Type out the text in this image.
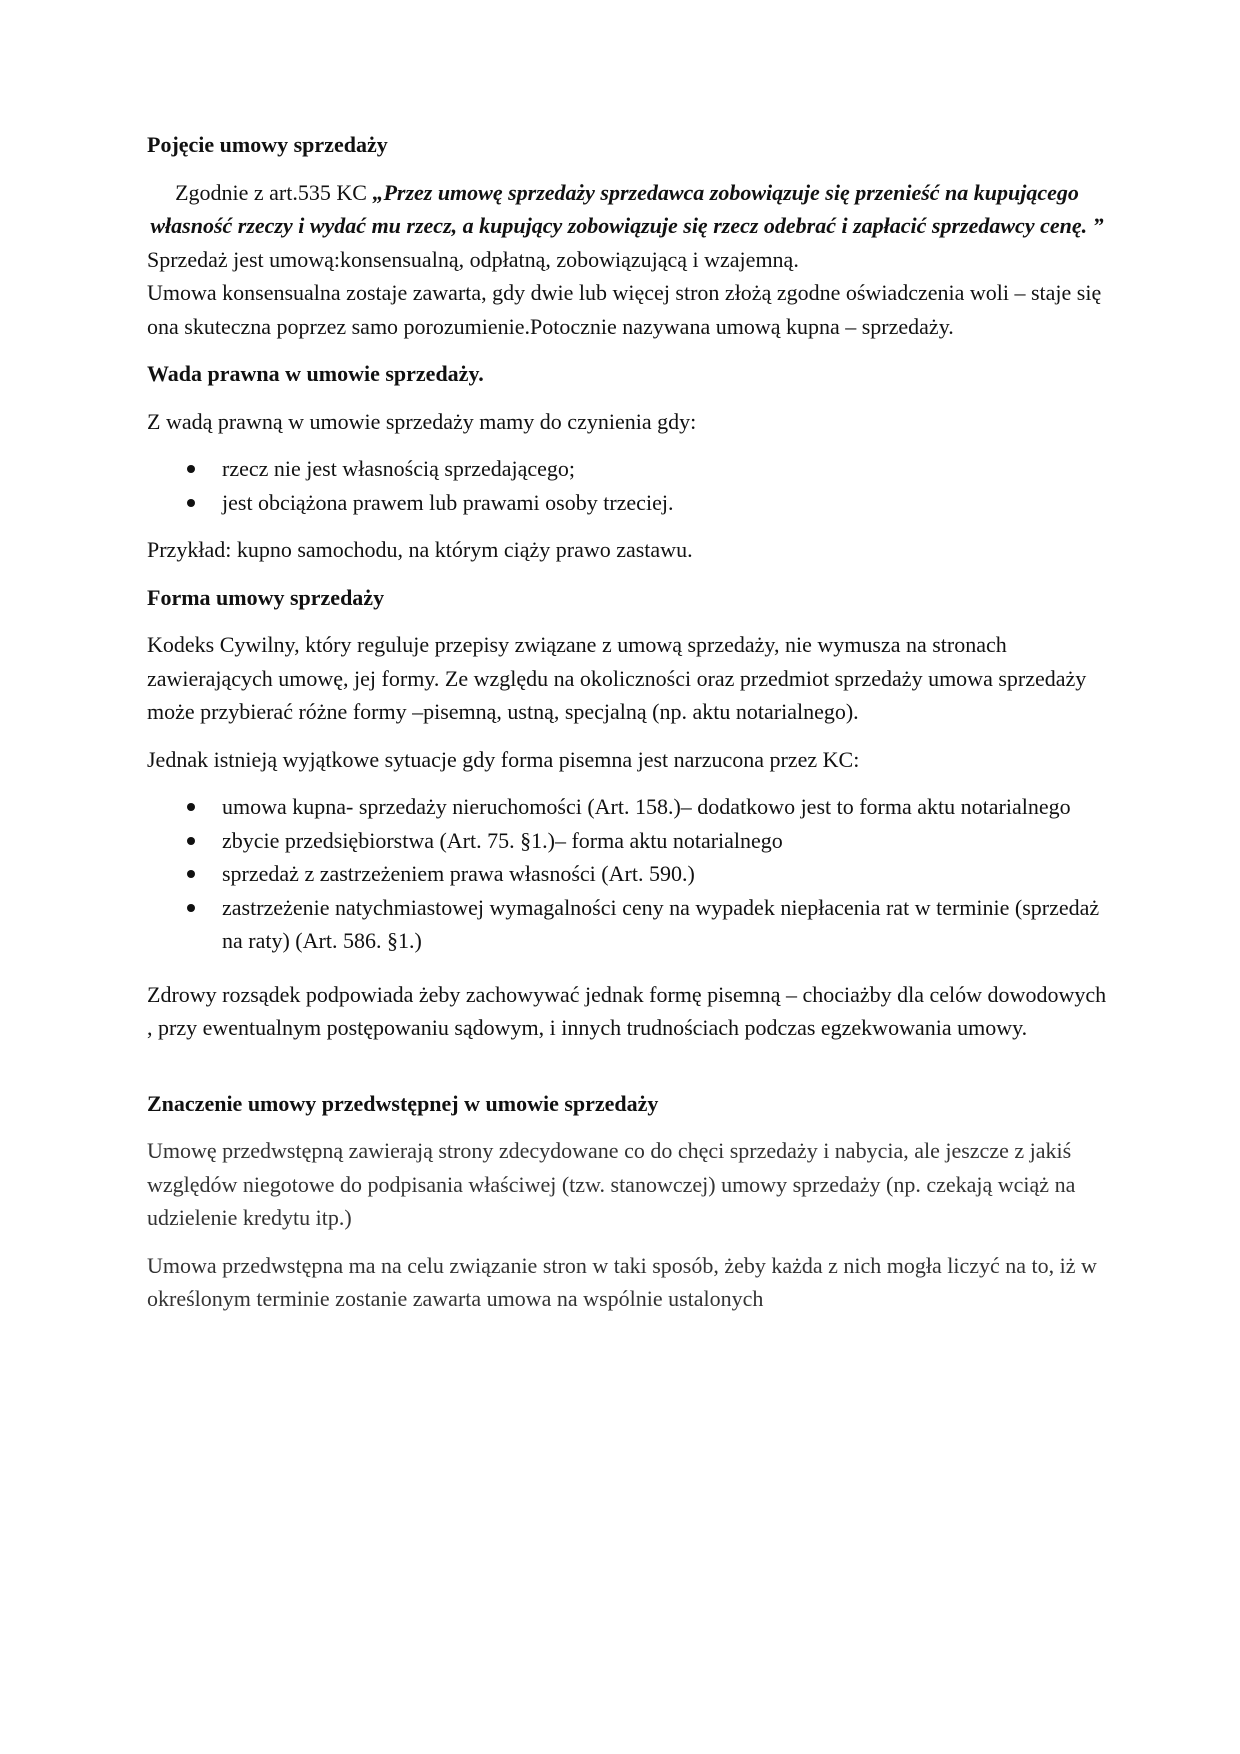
Pojęcie umowy sprzedaży

Zgodnie z art.535 KC „Przez umowę sprzedaży sprzedawca zobowiązuje się przenieść na kupującego własność rzeczy i wydać mu rzecz, a kupujący zobowiązuje się rzecz odebrać i zapłacić sprzedawcy cenę. ”

Sprzedaż jest umową:konsensualną, odpłatną, zobowiązującą i wzajemną.

Umowa konsensualna zostaje zawarta, gdy dwie lub więcej stron złożą zgodne oświadczenia woli – staje się ona skuteczna poprzez samo porozumienie.Potocznie nazywana umową kupna – sprzedaży.

Wada prawna w umowie sprzedaży.

Z wadą prawną w umowie sprzedaży mamy do czynienia gdy:

rzecz nie jest własnością sprzedającego;
jest obciążona prawem lub prawami osoby trzeciej.

Przykład: kupno samochodu, na którym ciąży prawo zastawu.

Forma umowy sprzedaży

Kodeks Cywilny, który reguluje przepisy związane z umową sprzedaży, nie wymusza na stronach zawierających umowę, jej formy. Ze względu na okoliczności oraz przedmiot sprzedaży umowa sprzedaży może przybierać różne formy –pisemną, ustną, specjalną (np. aktu notarialnego).

Jednak istnieją wyjątkowe sytuacje gdy forma pisemna jest narzucona przez KC:

umowa kupna- sprzedaży nieruchomości (Art. 158.)– dodatkowo jest to forma aktu notarialnego
zbycie przedsiębiorstwa (Art. 75. §1.)– forma aktu notarialnego
sprzedaż z zastrzeżeniem prawa własności (Art. 590.)
zastrzeżenie natychmiastowej wymagalności ceny na wypadek niepłacenia rat w terminie (sprzedaż na raty) (Art. 586. §1.)

Zdrowy rozsądek podpowiada żeby zachowywać jednak formę pisemną – chociażby dla celów dowodowych , przy ewentualnym postępowaniu sądowym, i innych trudnościach podczas egzekwowania umowy.

Znaczenie umowy przedwstępnej w umowie sprzedaży

Umowę przedwstępną zawierają strony zdecydowane co do chęci sprzedaży i nabycia, ale jeszcze z jakiś względów niegotowe do podpisania właściwej (tzw. stanowczej) umowy sprzedaży (np. czekają wciąż na udzielenie kredytu itp.)

Umowa przedwstępna ma na celu związanie stron w taki sposób, żeby każda z nich mogła liczyć na to, iż w określonym terminie zostanie zawarta umowa na wspólnie ustalonych
